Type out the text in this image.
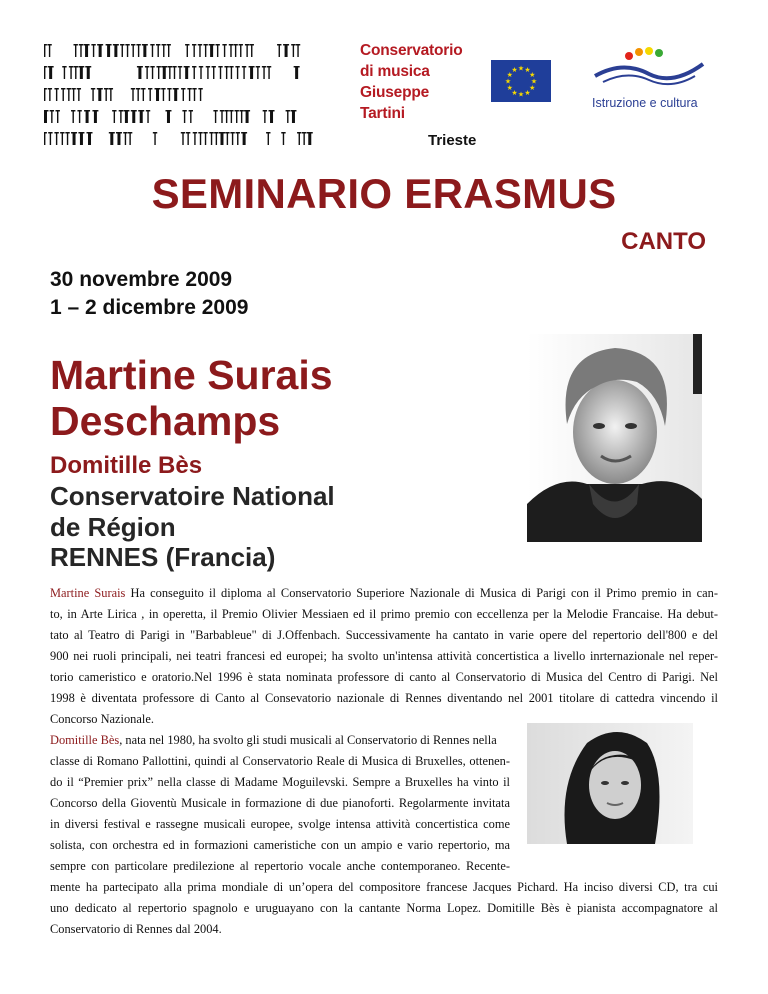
Conservatorio
di musica
Giuseppe
Tartini
Trieste
★
★
★
★
★
★
★
★
★ ★ ★
★
Istruzione e cultura
SEMINARIO ERASMUS
CANTO
30 novembre 2009
1 – 2 dicembre 2009
Martine Surais
Deschamps
Domitille Bès
Conservatoire National
de Région
RENNES (Francia)
Martine Surais Ha conseguito il diploma al Conservatorio Superiore Nazionale di Musica di Parigi con il Primo premio in can-
to, in Arte Lirica , in operetta, il Premio Olivier Messiaen ed il primo premio con eccellenza per la Melodie Francaise. Ha debut-
tato al Teatro di Parigi in "Barbableue" di J.Offenbach. Successivamente ha cantato in varie opere del repertorio dell'800 e del
900 nei ruoli principali, nei teatri francesi ed europei; ha svolto un'intensa attività concertistica a livello inrternazionale nel reper-
torio cameristico e oratorio.Nel 1996 è stata nominata professore di canto al Conservatorio di Musica del Centro di Parigi. Nel
1998 è diventata professore di Canto al Consevatorio nazionale di Rennes diventando nel 2001 titolare di cattedra vincendo il
Concorso Nazionale.
Domitille Bès, nata nel 1980, ha svolto gli studi musicali al Conservatorio di Rennes nella
classe di Romano Pallottini, quindi al Conservatorio Reale di Musica di Bruxelles, ottenen-
do il “Premier prix” nella classe di Madame Moguilevski. Sempre a Bruxelles ha vinto il
Concorso della Gioventù Musicale in formazione di due pianoforti. Regolarmente invitata
in diversi festival e rassegne musicali europee, svolge intensa attività concertistica come
solista, con orchestra ed in formazioni cameristiche con un ampio e vario repertorio, ma
sempre con particolare predilezione al repertorio vocale anche contemporaneo. Recente-
mente ha partecipato alla prima mondiale di un’opera del compositore francese Jacques Pichard. Ha inciso diversi CD, tra cui
uno dedicato al repertorio spagnolo e uruguayano con la cantante Norma Lopez. Domitille Bès è pianista accompagnatore al
Conservatorio di Rennes dal 2004.
